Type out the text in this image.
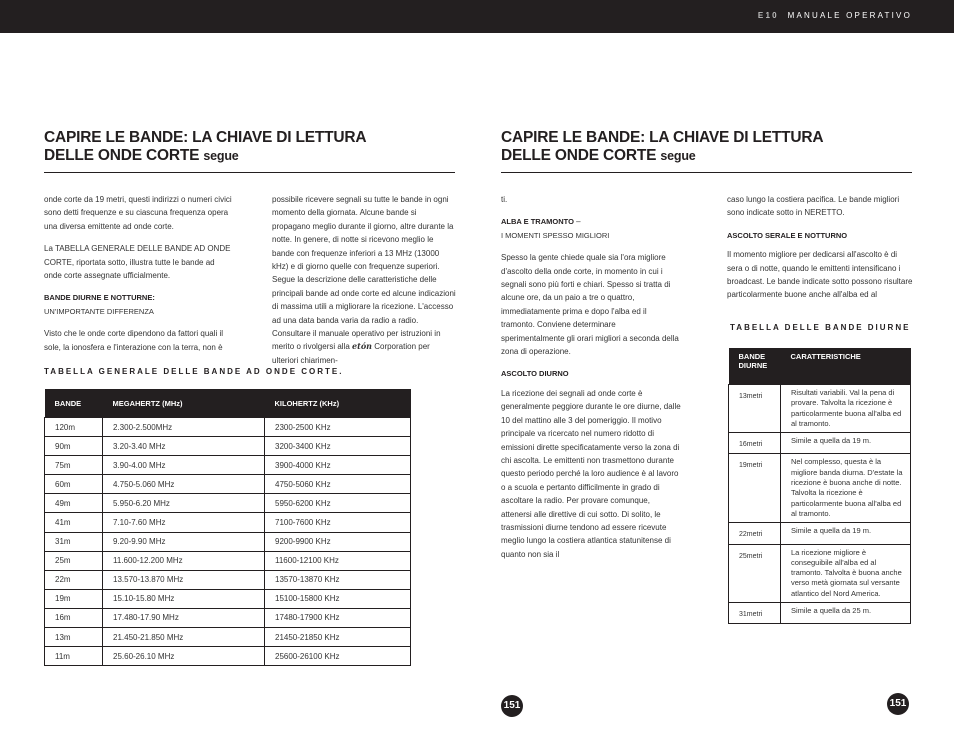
E10 MANUALE OPERATIVO
CAPIRE LE BANDE: LA CHIAVE DI LETTURA
DELLE ONDE CORTE segue

onde corte da 19 metri, questi indirizzi o numeri civici sono detti frequenze e su ciascuna frequenza opera una diversa emittente ad onde corte.

La TABELLA GENERALE DELLE BANDE AD ONDE CORTE, riportata sotto, illustra tutte le bande ad onde corte assegnate ufficialmente.

BANDE DIURNE E NOTTURNE:

UN'IMPORTANTE DIFFERENZA

Visto che le onde corte dipendono da fattori quali il sole, la ionosfera e l'interazione con la terra, non è

possibile ricevere segnali su tutte le bande in ogni momento della giornata. Alcune bande si propagano meglio durante il giorno, altre durante la notte. In genere, di notte si ricevono meglio le bande con frequenze inferiori a 13 MHz (13000 kHz) e di giorno quelle con frequenze superiori. Segue la descrizione delle caratteristiche delle principali bande ad onde corte ed alcune indicazioni di massima utili a migliorare la ricezione. L'accesso ad una data banda varia da radio a radio. Consultare il manuale operativo per istruzioni in merito o rivolgersi alla etón Corporation per ulteriori chiarimen-

TABELLA GENERALE DELLE BANDE AD ONDE CORTE.
BANDE	MEGAHERTZ (MHz)	KILOHERTZ (KHz)
120m	2.300-2.500MHz	2300-2500 KHz
90m	3.20-3.40 MHz	3200-3400 KHz
75m	3.90-4.00 MHz	3900-4000 KHz
60m	4.750-5.060 MHz	4750-5060 KHz
49m	5.950-6.20 MHz	5950-6200 KHz
41m	7.10-7.60 MHz	7100-7600 KHz
31m	9.20-9.90 MHz	9200-9900 KHz
25m	11.600-12.200 MHz	11600-12100 KHz
22m	13.570-13.870 MHz	13570-13870 KHz
19m	15.10-15.80 MHz	15100-15800 KHz
16m	17.480-17.90 MHz	17480-17900 KHz
13m	21.450-21.850 MHz	21450-21850 KHz
11m	25.60-26.10 MHz	25600-26100 KHz
151
CAPIRE LE BANDE: LA CHIAVE DI LETTURA
DELLE ONDE CORTE segue

ti.

ALBA E TRAMONTO –

I MOMENTI SPESSO MIGLIORI

Spesso la gente chiede quale sia l'ora migliore d'ascolto della onde corte, in momento in cui i segnali sono più forti e chiari. Spesso si tratta di alcune ore, da un paio a tre o quattro, immediatamente prima e dopo l'alba ed il tramonto. Conviene determinare sperimentalmente gli orari migliori a seconda della zona di operazione.

ASCOLTO DIURNO

La ricezione dei segnali ad onde corte è generalmente peggiore durante le ore diurne, dalle 10 del mattino alle 3 del pomeriggio. Il motivo principale va ricercato nel numero ridotto di emissioni dirette specificatamente verso la zona di chi ascolta. Le emittenti non trasmettono durante questo periodo perché la loro audience è al lavoro o a scuola e pertanto difficilmente in grado di ascoltare la radio. Per provare comunque, attenersi alle direttive di cui sotto. Di solito, le trasmissioni diurne tendono ad essere ricevute meglio lungo la costiera atlantica statunitense di quanto non sia il

caso lungo la costiera pacifica. Le bande migliori sono indicate sotto in NERETTO.

ASCOLTO SERALE E NOTTURNO

Il momento migliore per dedicarsi all'ascolto è di sera o di notte, quando le emittenti intensificano i broadcast. Le bande indicate sotto possono risultare particolarmente buone anche all'alba ed al

TABELLA DELLE BANDE DIURNE
BANDE DIURNE	CARATTERISTICHE
13metri	Risultati variabili. Val la pena di provare. Talvolta la ricezione è particolarmente buona all'alba ed al tramonto.
16metri	Simile a quella da 19 m.
19metri	Nel complesso, questa è la migliore banda diurna. D'estate la ricezione è buona anche di notte. Talvolta la ricezione è particolarmente buona all'alba ed al tramonto.
22metri	Simile a quella da 19 m.
25metri	La ricezione migliore è conseguibile all'alba ed al tramonto. Talvolta è buona anche verso metà giornata sul versante atlantico del Nord America.
31metri	Simile a quella da 25 m.
151
